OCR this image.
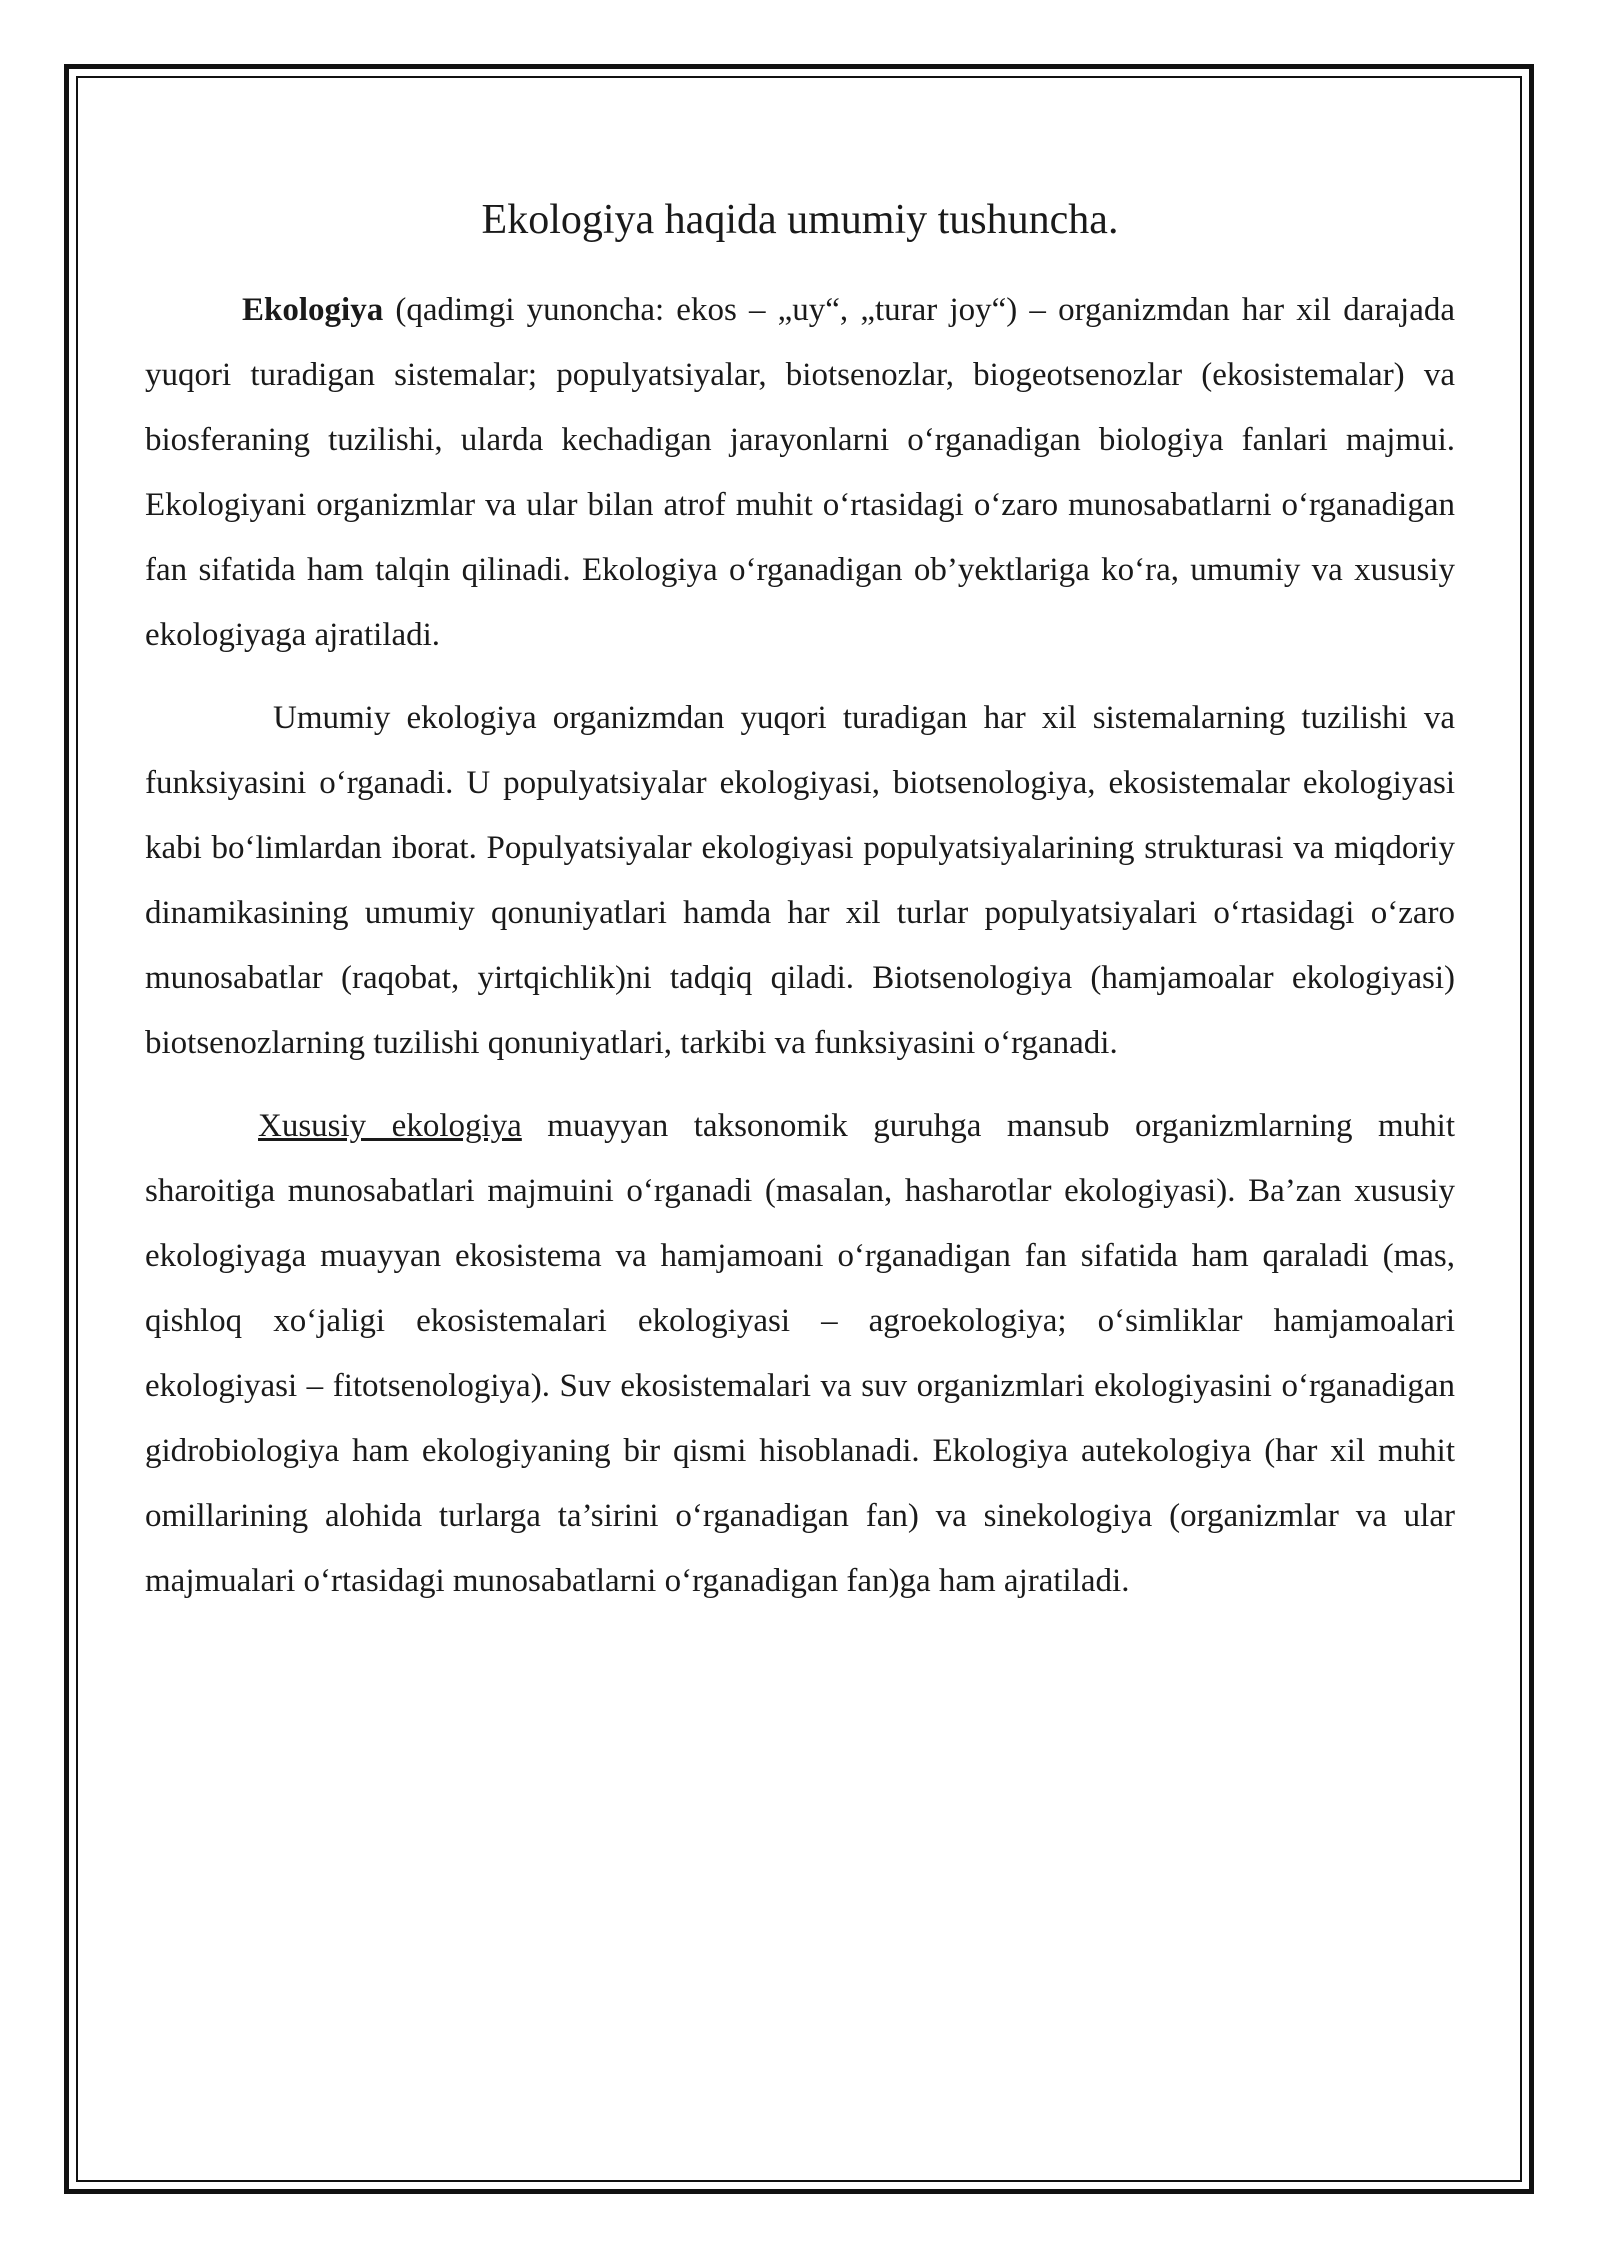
Ekologiya haqida umumiy tushuncha.

Ekologiya (qadimgi yunoncha: ekos – „uy“, „turar joy“) – organizmdan har xil darajada yuqori turadigan sistemalar; populyatsiyalar, biotsenozlar, biogeotsenozlar (ekosistemalar) va biosferaning tuzilishi, ularda kechadigan jarayonlarni oʻrganadigan biologiya fanlari majmui. Ekologiyani organizmlar va ular bilan atrof muhit oʻrtasidagi oʻzaro munosabatlarni oʻrganadigan fan sifatida ham talqin qilinadi. Ekologiya oʻrganadigan ob’yektlariga koʻra, umumiy va xususiy ekologiyaga ajratiladi.

Umumiy ekologiya organizmdan yuqori turadigan har xil sistemalarning tuzilishi va funksiyasini oʻrganadi. U populyatsiyalar ekologiyasi, biotsenologiya, ekosistemalar ekologiyasi kabi boʻlimlardan iborat. Populyatsiyalar ekologiyasi populyatsiyalarining strukturasi va miqdoriy dinamikasining umumiy qonuniyatlari hamda har xil turlar populyatsiyalari oʻrtasidagi oʻzaro munosabatlar (raqobat, yirtqichlik)ni tadqiq qiladi. Biotsenologiya (hamjamoalar ekologiyasi) biotsenozlarning tuzilishi qonuniyatlari, tarkibi va funksiyasini oʻrganadi.

Xususiy ekologiya muayyan taksonomik guruhga mansub organizmlarning muhit sharoitiga munosabatlari majmuini oʻrganadi (masalan, hasharotlar ekologiyasi). Ba’zan xususiy ekologiyaga muayyan ekosistema va hamjamoani oʻrganadigan fan sifatida ham qaraladi (mas, qishloq xoʻjaligi ekosistemalari ekologiyasi – agroekologiya; oʻsimliklar hamjamoalari ekologiyasi – fitotsenologiya). Suv ekosistemalari va suv organizmlari ekologiyasini oʻrganadigan gidrobiologiya ham ekologiyaning bir qismi hisoblanadi. Ekologiya autekologiya (har xil muhit omillarining alohida turlarga ta’sirini oʻrganadigan fan) va sinekologiya (organizmlar va ular majmualari oʻrtasidagi munosabatlarni oʻrganadigan fan)ga ham ajratiladi.
